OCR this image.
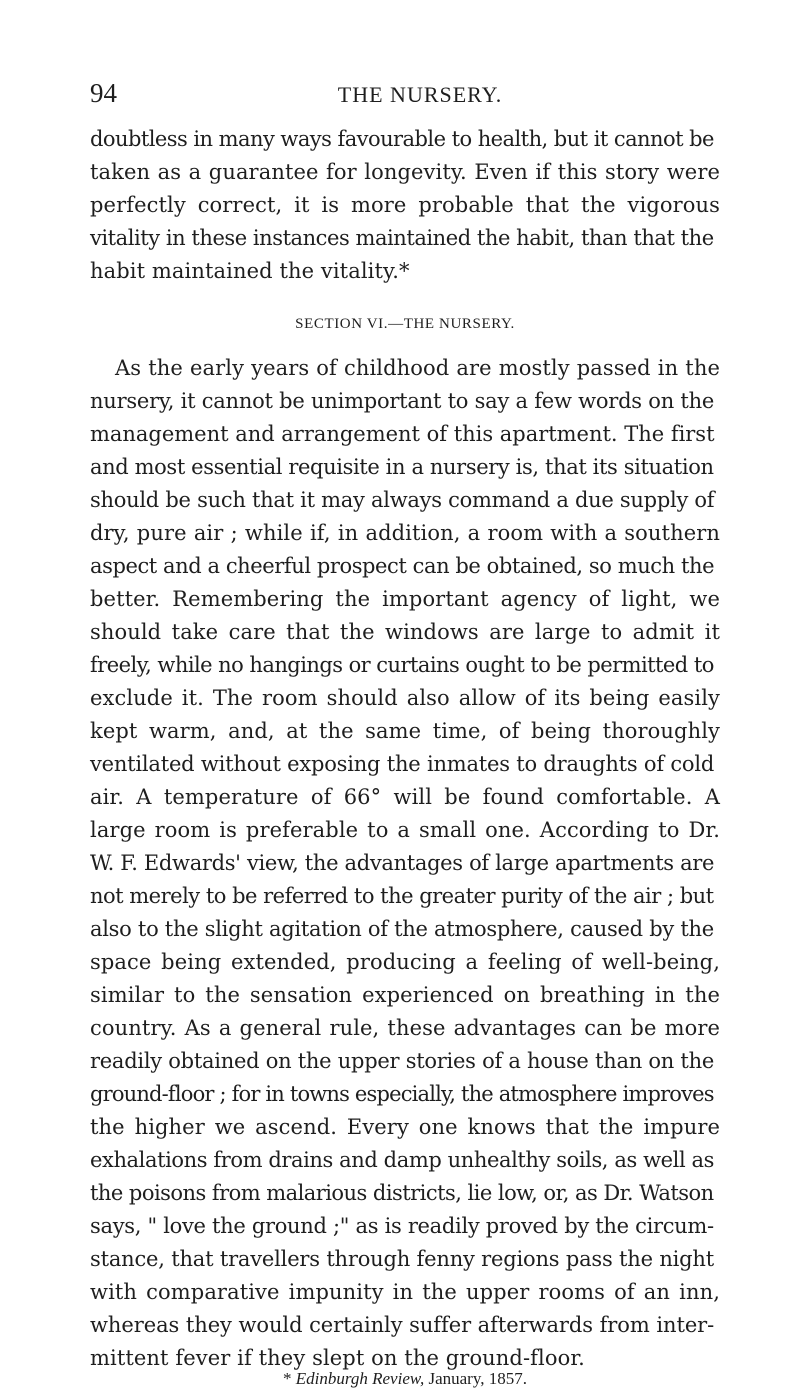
94	THE NURSERY.
doubtless in many ways favourable to health, but it cannot be
taken as a guarantee for longevity. Even if this story were
perfectly correct, it is more probable that the vigorous
vitality in these instances maintained the habit, than that the
habit maintained the vitality.*
SECTION VI.—THE NURSERY.
As the early years of childhood are mostly passed in the
nursery, it cannot be unimportant to say a few words on the
management and arrangement of this apartment. The first
and most essential requisite in a nursery is, that its situation
should be such that it may always command a due supply of
dry, pure air ; while if, in addition, a room with a southern
aspect and a cheerful prospect can be obtained, so much the
better. Remembering the important agency of light, we
should take care that the windows are large to admit it
freely, while no hangings or curtains ought to be permitted to
exclude it. The room should also allow of its being easily
kept warm, and, at the same time, of being thoroughly
ventilated without exposing the inmates to draughts of cold
air. A temperature of 66° will be found comfortable. A
large room is preferable to a small one. According to Dr.
W. F. Edwards' view, the advantages of large apartments are
not merely to be referred to the greater purity of the air ; but
also to the slight agitation of the atmosphere, caused by the
space being extended, producing a feeling of well-being,
similar to the sensation experienced on breathing in the
country. As a general rule, these advantages can be more
readily obtained on the upper stories of a house than on the
ground-floor ; for in towns especially, the atmosphere improves
the higher we ascend. Every one knows that the impure
exhalations from drains and damp unhealthy soils, as well as
the poisons from malarious districts, lie low, or, as Dr. Watson
says, " love the ground ;" as is readily proved by the circum-
stance, that travellers through fenny regions pass the night
with comparative impunity in the upper rooms of an inn,
whereas they would certainly suffer afterwards from inter-
mittent fever if they slept on the ground-floor.
* Edinburgh Review, January, 1857.
